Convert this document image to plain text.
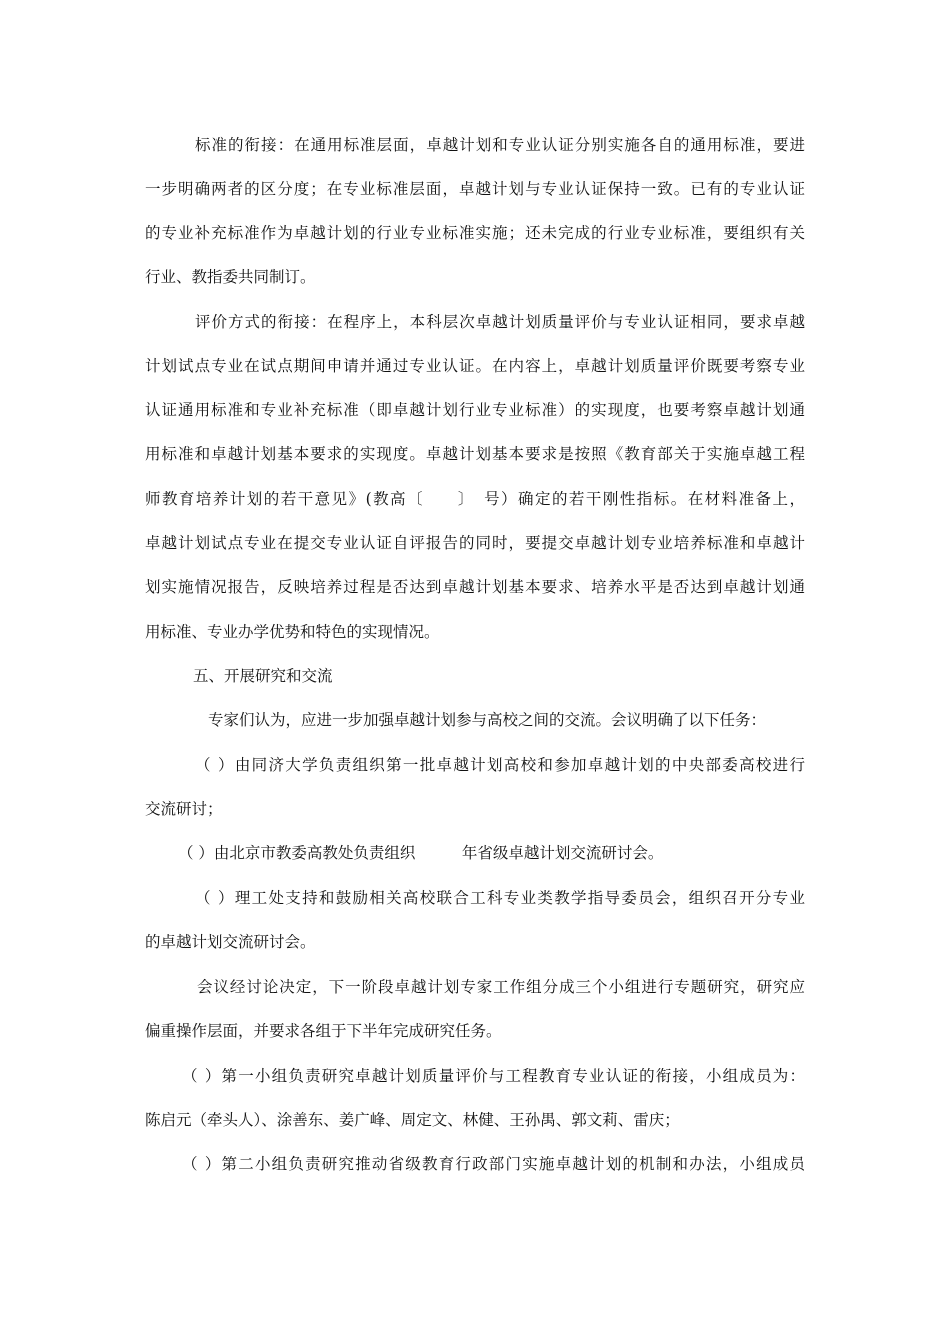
标准的衔接：在通用标准层面，卓越计划和专业认证分别实施各自的通用标准，要进
一步明确两者的区分度；在专业标准层面，卓越计划与专业认证保持一致。已有的专业认证
的专业补充标准作为卓越计划的行业专业标准实施；还未完成的行业专业标准，要组织有关
行业、教指委共同制订。
评价方式的衔接：在程序上，本科层次卓越计划质量评价与专业认证相同，要求卓越
计划试点专业在试点期间申请并通过专业认证。在内容上，卓越计划质量评价既要考察专业
认证通用标准和专业补充标准（即卓越计划行业专业标准）的实现度，也要考察卓越计划通
用标准和卓越计划基本要求的实现度。卓越计划基本要求是按照《教育部关于实施卓越工程
师教育培养计划的若干意见》(教高〔　　〕　号）确定的若干刚性指标。在材料准备上，
卓越计划试点专业在提交专业认证自评报告的同时，要提交卓越计划专业培养标准和卓越计
划实施情况报告，反映培养过程是否达到卓越计划基本要求、培养水平是否达到卓越计划通
用标准、专业办学优势和特色的实现情况。
五、开展研究和交流
专家们认为，应进一步加强卓越计划参与高校之间的交流。会议明确了以下任务：
（ ）由同济大学负责组织第一批卓越计划高校和参加卓越计划的中央部委高校进行
交流研讨；
（ ）由北京市教委高教处负责组织　　　年省级卓越计划交流研讨会。
（ ）理工处支持和鼓励相关高校联合工科专业类教学指导委员会，组织召开分专业
的卓越计划交流研讨会。
会议经讨论决定，下一阶段卓越计划专家工作组分成三个小组进行专题研究，研究应
偏重操作层面，并要求各组于下半年完成研究任务。
（ ）第一小组负责研究卓越计划质量评价与工程教育专业认证的衔接，小组成员为：
陈启元（牵头人）、涂善东、姜广峰、周定文、林健、王孙禺、郭文莉、雷庆；
（ ）第二小组负责研究推动省级教育行政部门实施卓越计划的机制和办法，小组成员
